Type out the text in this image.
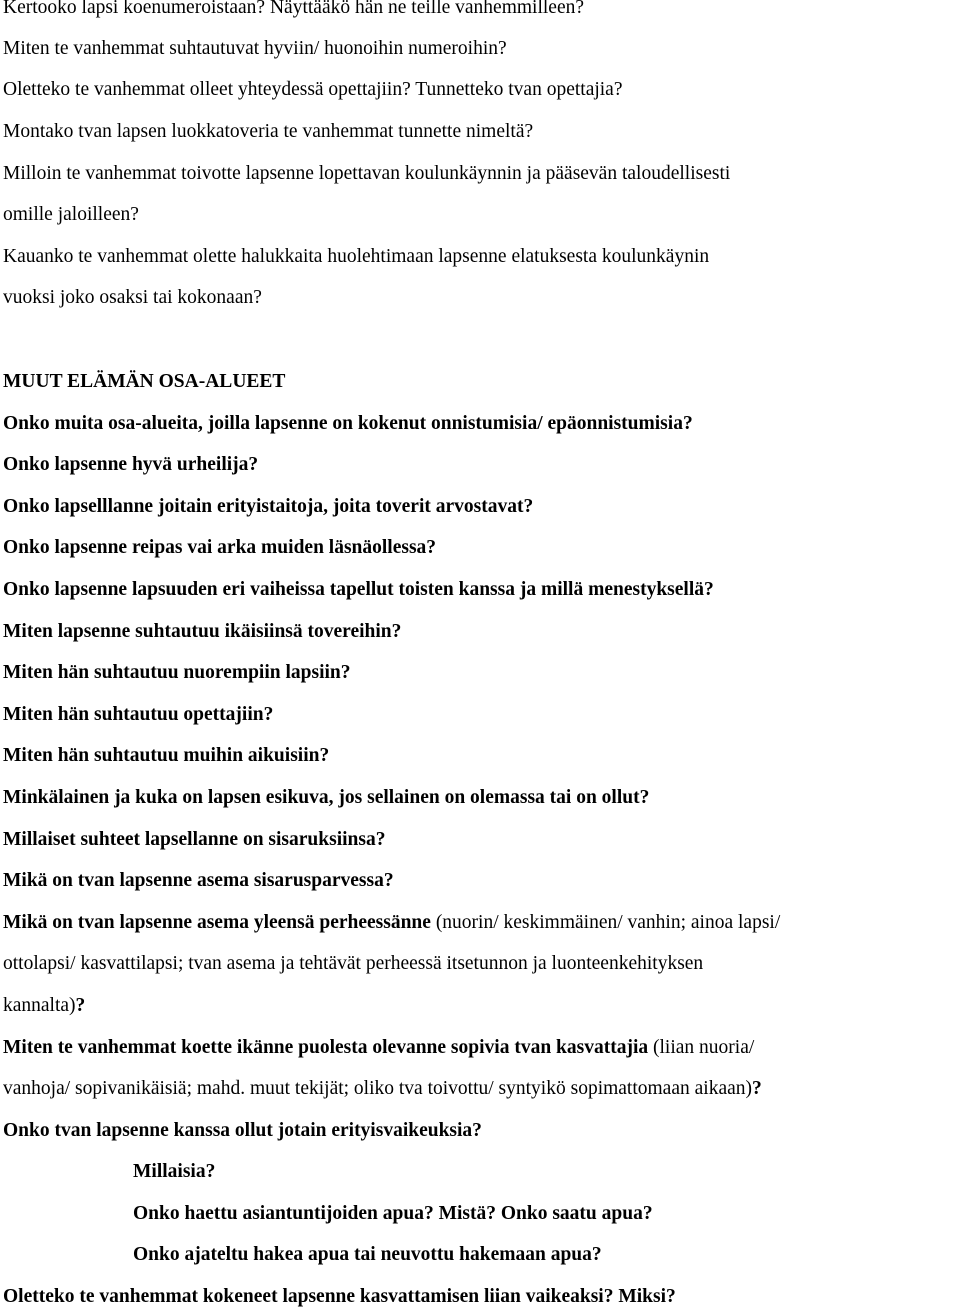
Kertooko lapsi koenumeroistaan? Näyttääkö hän ne teille vanhemmilleen?
Miten te vanhemmat suhtautuvat hyviin/ huonoihin numeroihin?
Oletteko te vanhemmat olleet yhteydessä opettajiin? Tunnetteko tvan opettajia?
Montako tvan lapsen luokkatoveria te vanhemmat tunnette nimeltä?
Milloin te vanhemmat toivotte lapsenne lopettavan koulunkäynnin ja pääsevän taloudellisesti
omille jaloilleen?
Kauanko te vanhemmat olette halukkaita huolehtimaan lapsenne elatuksesta koulunkäynin
vuoksi joko osaksi tai kokonaan?
MUUT ELÄMÄN OSA-ALUEET
Onko muita osa-alueita, joilla lapsenne on kokenut onnistumisia/ epäonnistumisia?
Onko lapsenne hyvä urheilija?
Onko lapselllanne joitain erityistaitoja, joita toverit arvostavat?
Onko lapsenne reipas vai arka muiden läsnäollessa?
Onko lapsenne lapsuuden eri vaiheissa tapellut toisten kanssa ja millä menestyksellä?
Miten lapsenne suhtautuu ikäisiinsä tovereihin?
Miten hän suhtautuu nuorempiin lapsiin?
Miten hän suhtautuu opettajiin?
Miten hän suhtautuu muihin aikuisiin?
Minkälainen ja kuka on lapsen esikuva, jos sellainen on olemassa tai on ollut?
Millaiset suhteet lapsellanne on sisaruksiinsa?
Mikä on tvan lapsenne asema sisarusparvessa?
Mikä on tvan lapsenne asema yleensä perheessänne (nuorin/ keskimmäinen/ vanhin; ainoa lapsi/
ottolapsi/ kasvattilapsi; tvan asema ja tehtävät perheessä itsetunnon ja luonteenkehityksen
kannalta)?
Miten te vanhemmat koette ikänne puolesta olevanne sopivia tvan kasvattajia (liian nuoria/
vanhoja/ sopivanikäisiä; mahd. muut tekijät; oliko tva toivottu/ syntyikö sopimattomaan aikaan)?
Onko tvan lapsenne kanssa ollut jotain erityisvaikeuksia?
Millaisia?
Onko haettu asiantuntijoiden apua? Mistä? Onko saatu apua?
Onko ajateltu hakea apua tai neuvottu hakemaan apua?
Oletteko te vanhemmat kokeneet lapsenne kasvattamisen liian vaikeaksi? Miksi?
